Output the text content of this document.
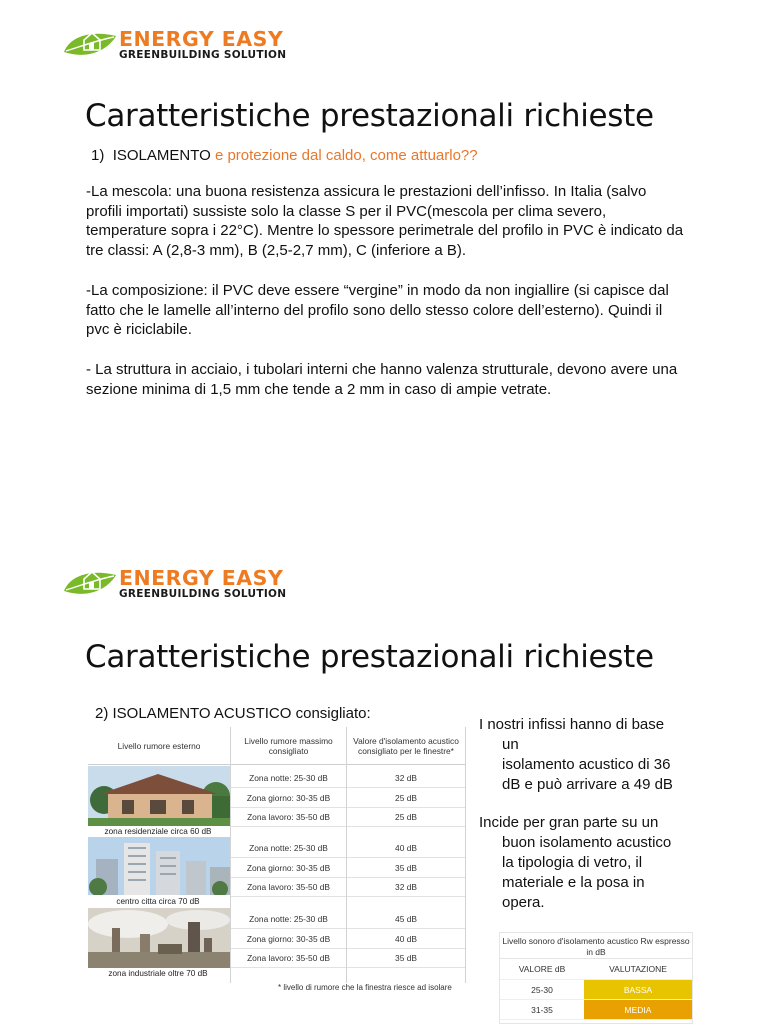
ENERGY EASY
GREENBUILDING SOLUTION
Caratteristiche prestazionali richieste
1) ISOLAMENTO e protezione dal caldo, come attuarlo??
-La mescola: una buona resistenza assicura le prestazioni dell’infisso. In Italia (salvo profili importati) sussiste solo la classe S per il PVC(mescola per clima severo, temperature sopra i 22°C). Mentre lo spessore perimetrale del profilo in PVC è indicato da tre classi: A (2,8-3 mm), B (2,5-2,7 mm), C (inferiore a B).
-La composizione: il PVC deve essere “vergine” in modo da non ingiallire (si capisce dal fatto che le lamelle all’interno del profilo sono dello stesso colore dell’esterno). Quindi il pvc è riciclabile.
- La struttura in acciaio, i tubolari interni che hanno valenza strutturale, devono avere una sezione minima di 1,5 mm che tende a 2 mm in caso di ampie vetrate.
ENERGY EASY
GREENBUILDING SOLUTION
Caratteristiche prestazionali richieste
2) ISOLAMENTO ACUSTICO consigliato:
Livello rumore esterno	Livello rumore massimo consigliato
Valore d'isolamento acustico consigliato per le finestre*
zona residenziale circa 60 dB
Zona notte: 25-30 dB	32 dB
Zona giorno: 30-35 dB	25 dB
Zona lavoro: 35-50 dB	25 dB
centro citta circa 70 dB
Zona notte: 25-30 dB	40 dB
Zona giorno: 30-35 dB	35 dB
Zona lavoro: 35-50 dB	32 dB
zona industriale oltre 70 dB
Zona notte: 25-30 dB	45 dB
Zona giorno: 30-35 dB	40 dB
Zona lavoro: 35-50 dB	35 dB
* livello di rumore che la finestra riesce ad isolare
I nostri infissi hanno di base
un
isolamento acustico di 36
dB e può arrivare a 49 dB
Incide per gran parte su un
buon isolamento acustico
la tipologia di vetro, il
materiale e la posa in
opera.
Livello sonoro d'isolamento acustico Rw espresso in dB
VALORE dB	VALUTAZIONE
25-30	BASSA
31-35	MEDIA
